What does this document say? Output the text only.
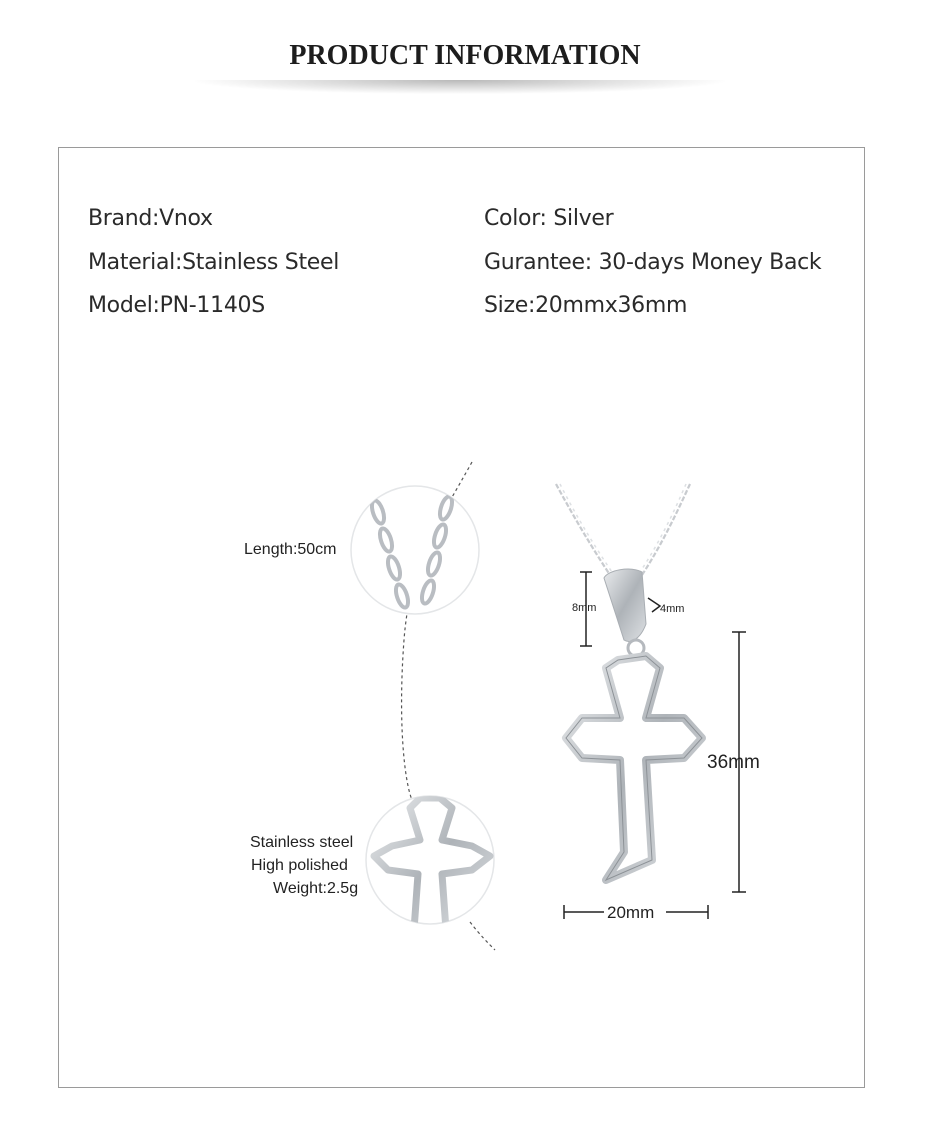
PRODUCT INFORMATION
Brand:Vnox
Material:Stainless Steel
Model:PN-1140S
Color: Silver
Gurantee: 30-days Money Back
Size:20mmx36mm
Length:50cm
Stainless steel
High polished
Weight:2.5g
8mm	4mm
36mm
20mm
